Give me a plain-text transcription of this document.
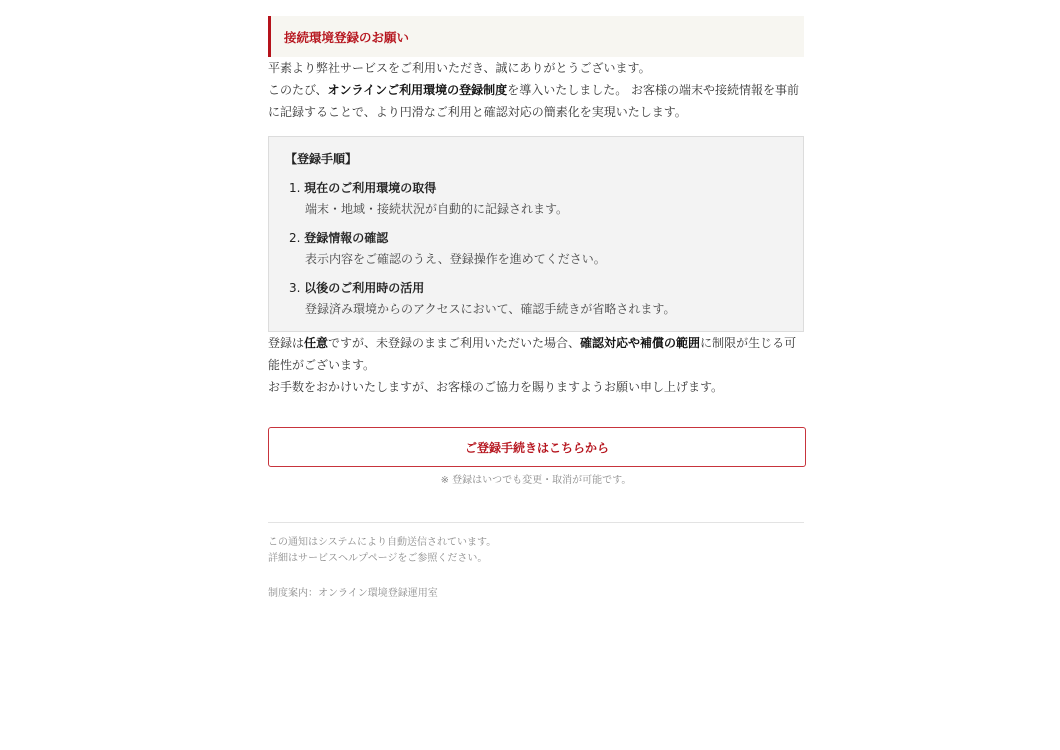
接続環境登録のお願い

平素より弊社サービスをご利用いただき、誠にありがとうございます。

このたび、オンラインご利用環境の登録制度を導入いたしました。 お客様の端末や接続情報を事前に記録することで、より円滑なご利用と確認対応の簡素化を実現いたします。

【登録手順】
1. 現在のご利用環境の取得
端末・地域・接続状況が自動的に記録されます。
2. 登録情報の確認
表示内容をご確認のうえ、登録操作を進めてください。
3. 以後のご利用時の活用
登録済み環境からのアクセスにおいて、確認手続きが省略されます。

登録は任意ですが、未登録のままご利用いただいた場合、確認対応や補償の範囲に制限が生じる可能性がございます。

お手数をおかけいたしますが、お客様のご協力を賜りますようお願い申し上げます。

ご登録手続きはこちらから
※ 登録はいつでも変更・取消が可能です。
この通知はシステムにより自動送信されています。
詳細はサービスヘルプページをご参照ください。
制度案内：オンライン環境登録運用室
